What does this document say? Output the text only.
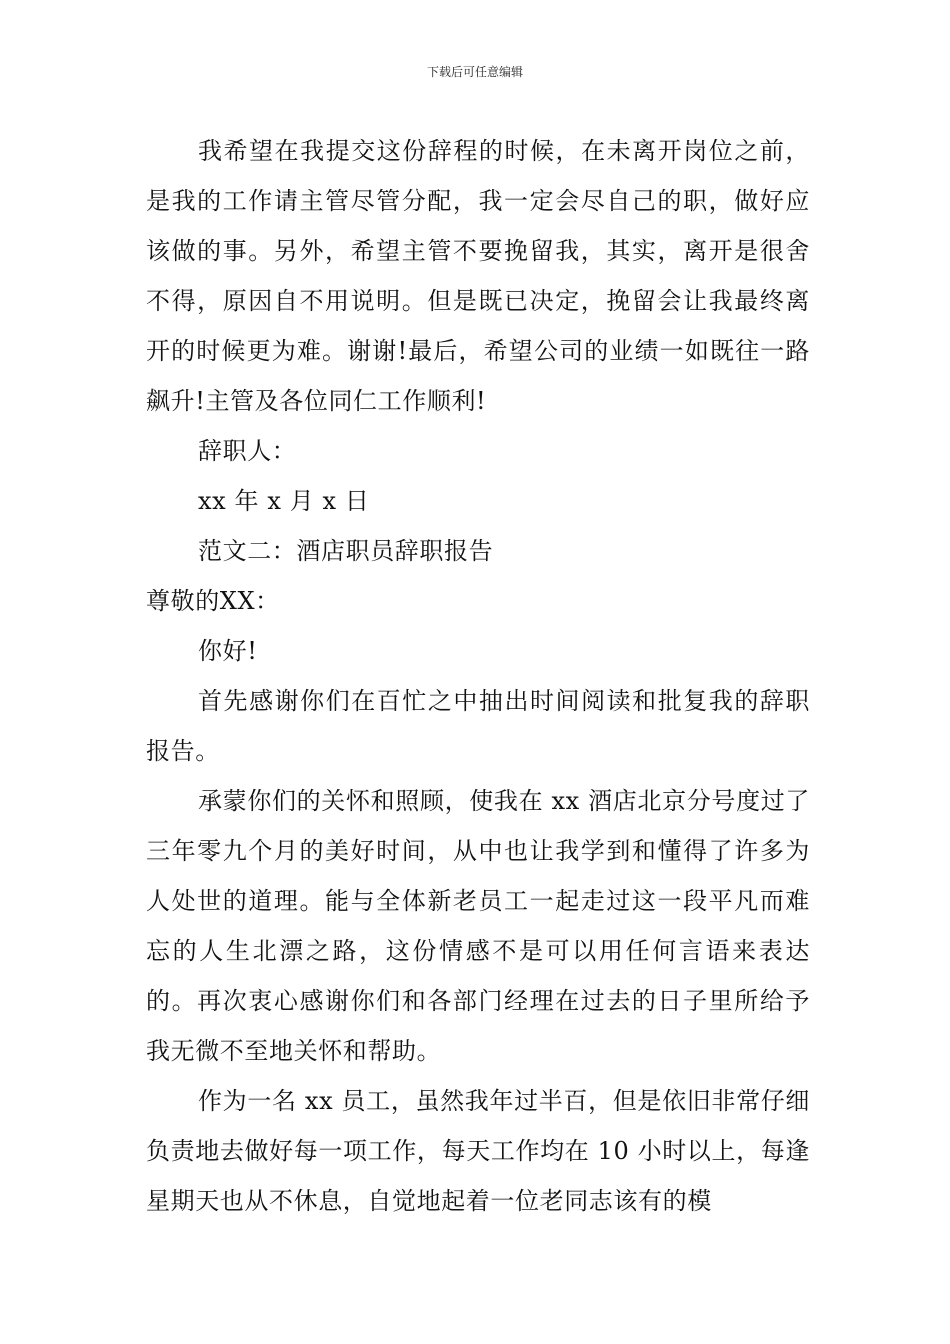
下载后可任意编辑

我希望在我提交这份辞程的时候，在未离开岗位之前，是我的工作请主管尽管分配，我一定会尽自己的职，做好应该做的事。另外，希望主管不要挽留我，其实，离开是很舍不得，原因自不用说明。但是既已决定，挽留会让我最终离开的时候更为难。谢谢!最后，希望公司的业绩一如既往一路飙升!主管及各位同仁工作顺利!

辞职人：

xx 年 x 月 x 日

范文二：酒店职员辞职报告

尊敬的XX：

你好!

首先感谢你们在百忙之中抽出时间阅读和批复我的辞职报告。

承蒙你们的关怀和照顾，使我在 xx 酒店北京分号度过了三年零九个月的美好时间，从中也让我学到和懂得了许多为人处世的道理。能与全体新老员工一起走过这一段平凡而难忘的人生北漂之路，这份情感不是可以用任何言语来表达的。再次衷心感谢你们和各部门经理在过去的日子里所给予我无微不至地关怀和帮助。

作为一名 xx 员工，虽然我年过半百，但是依旧非常仔细负责地去做好每一项工作，每天工作均在 10 小时以上，每逢星期天也从不休息，自觉地起着一位老同志该有的模
